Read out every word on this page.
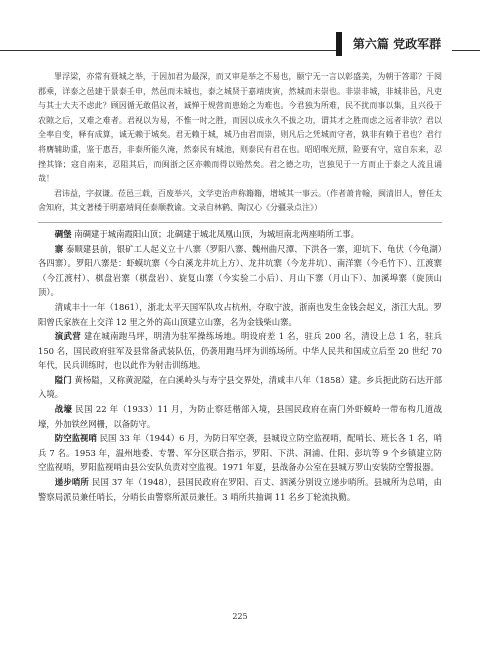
第六篇 党政军群

罪浮梁，亦常有聂城之举，于因加君为最深，而又审是举之不易也，颐宁无一言以彰盛美，为朝于答耶？于阅郡乘，详泰之邑建于景泰壬申，然邑而未城也，泰之城贤于嘉靖庚寅，然城而未崇也。非崇非城，非城非邑，凡吏与其士大夫不虑此？顾因循无敢倡议者，诚惮于规营而患始之为难也。今君独为所难，民不扰而事以集，且兴役于农隙之后，又难之难者。君视以为易，不惟一时之胜，而因以成永久不拔之功，谓其才之胜而虑之远者非欤？君以全率自变，释有成算，诚无赖于城矣。君无赖于城，城乃由君而崇，则凡后之凭城而守者，孰非有赖于君也？君行将膺辅助重，鉴于惠吾，非泰所能久淹，然泰民有城池，则泰民有君在也。昭昭喉光照，险要有守，寇自东来，忍挫其锋；寇自南来，忍阻其后，而闽浙之区亦赖而得以贻然矣。君之德之功，岂独见于一方而止于泰之人流且诵哉！

君讳益，字叔谦。莅邑三载，百废举兴，文学吏治声称籍籍，增城其一事云。（作者萧肯翰，闽清旧人，曾任太舍知府，其文著楼于明嘉靖间任泰顺教谕。文录自林鹤、陶汉心《分疆录点注》）

碉堡 南碉建于城南霞阳山顶；北碉建于城北凤凰山顶，为城垣南北两座哨所工事。

寨 泰顺建县前，银矿工人起义立十八寨（罗阳八寨、魏州曲尺潭、下洪各一寨，迎坑下、龟伏（今龟湖）各四寨）。罗阳八寨是：虾蟆坑寨（今白溪龙井坑上方）、龙井坑寨（今龙井坑）、南洋寨（今毛竹下）、江渡寨（今江渡村）、棋盘岩寨（棋盘岩）、旋复山寨（今实验二小后）、月山下寨（月山下）、加溪埠寨（旋顶山顶）。

清咸丰十一年（1861），浙北太平天国军队攻占杭州，夺取宁波，浙南也发生金钱会起义，浙江大乱。罗阳曾氏家族在上交洋 12 里之外的高山顶建立山寨，名为金钱柴山寨。

演武营 建在城南跑马坪，明清为驻军操练场地。明设府差 1 名，驻兵 200 名，清设上总 1 名，驻兵 150 名，国民政府驻军及县常备武装队伍，仍袭用跑马坪为训练场所。中华人民共和国成立后至 20 世纪 70 年代，民兵训练时，也以此作为射击训练地。

隘门 黄杨隘，又称黄泥隘，在白溪岭头与寿宁县交界处，清咸丰八年（1858）建。乡兵扼此防石达开部入境。

战壕 民国 22 年（1933）11 月，为防止察廷楷部入境，县国民政府在南门外虾蟆岭一带布构几道战壕，外加铁丝网栅，以备防守。

防空监视哨 民国 33 年（1944）6 月，为防日军空袭，县城设立防空监视哨，配哨长、班长各 1 名，哨兵 7 名。1953 年，温州地委、专署、军分区联合指示，罗阳、下洪、洞浦、仕阳、彭坑等 9 个乡镇建立防空监视哨，罗阳监视哨由县公安队负责对空监视。1971 年夏，县战备办公室在县城万罗山安装防空警报器。

递步哨所 民国 37 年（1948），县国民政府在罗阳、百丈、泗溪分别设立递步哨所。县城所为总哨，由警察局派员兼任哨长，分哨长由警察所派员兼任。3 哨所共抽调 11 名乡丁轮流执勤。

225
